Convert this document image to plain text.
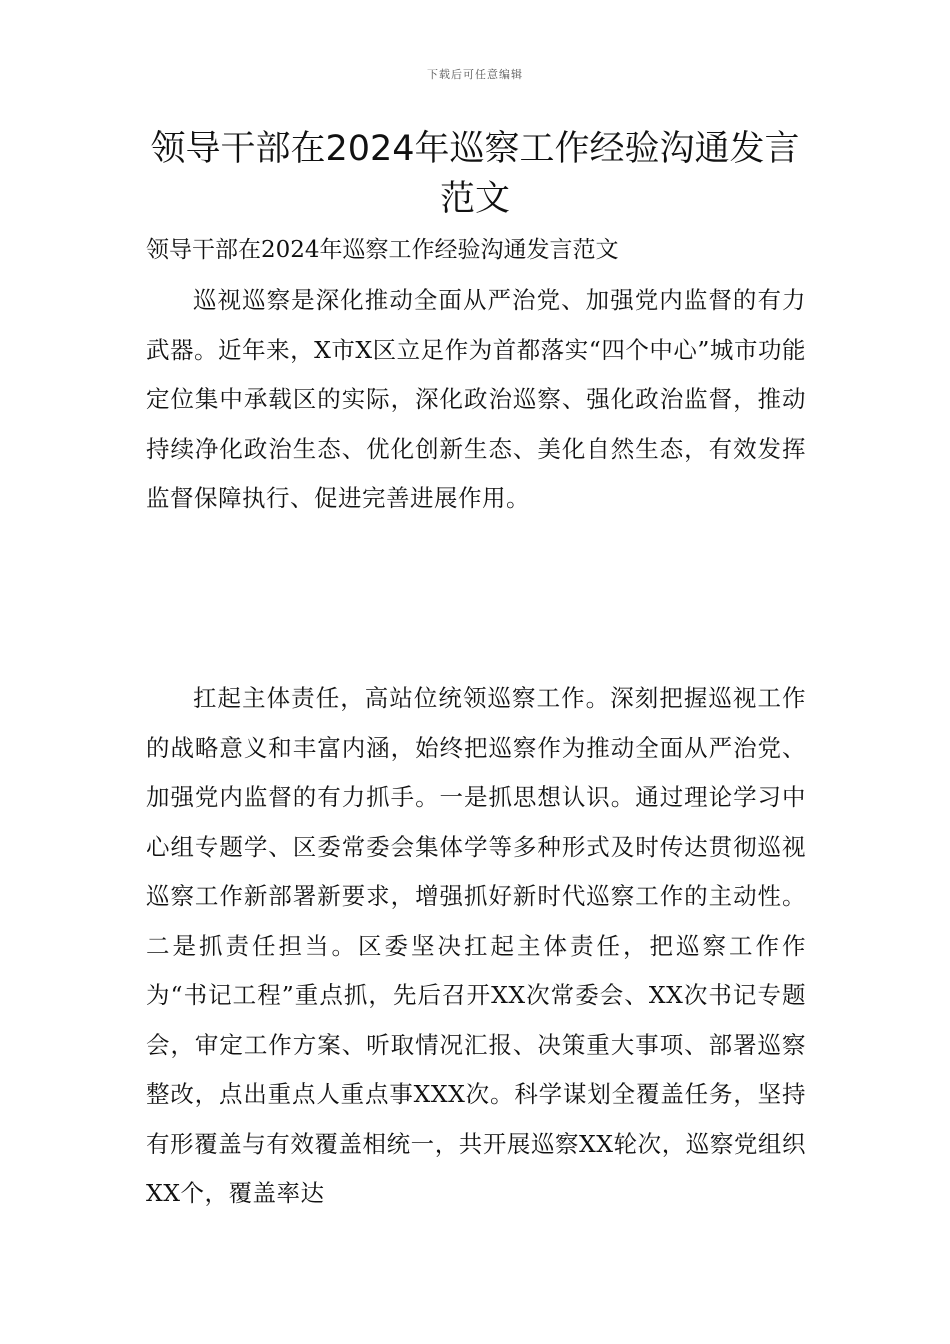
下载后可任意编辑
领导干部在2024年巡察工作经验沟通发言范文
领导干部在2024年巡察工作经验沟通发言范文

巡视巡察是深化推动全面从严治党、加强党内监督的有力武器。近年来，X市X区立足作为首都落实“四个中心”城市功能定位集中承载区的实际，深化政治巡察、强化政治监督，推动持续净化政治生态、优化创新生态、美化自然生态，有效发挥监督保障执行、促进完善进展作用。

扛起主体责任，高站位统领巡察工作。深刻把握巡视工作的战略意义和丰富内涵，始终把巡察作为推动全面从严治党、加强党内监督的有力抓手。一是抓思想认识。通过理论学习中心组专题学、区委常委会集体学等多种形式及时传达贯彻巡视巡察工作新部署新要求，增强抓好新时代巡察工作的主动性。二是抓责任担当。区委坚决扛起主体责任，把巡察工作作为“书记工程”重点抓，先后召开XX次常委会、XX次书记专题会，审定工作方案、听取情况汇报、决策重大事项、部署巡察整改，点出重点人重点事XXX次。科学谋划全覆盖任务，坚持有形覆盖与有效覆盖相统一，共开展巡察XX轮次，巡察党组织XX个，覆盖率达
